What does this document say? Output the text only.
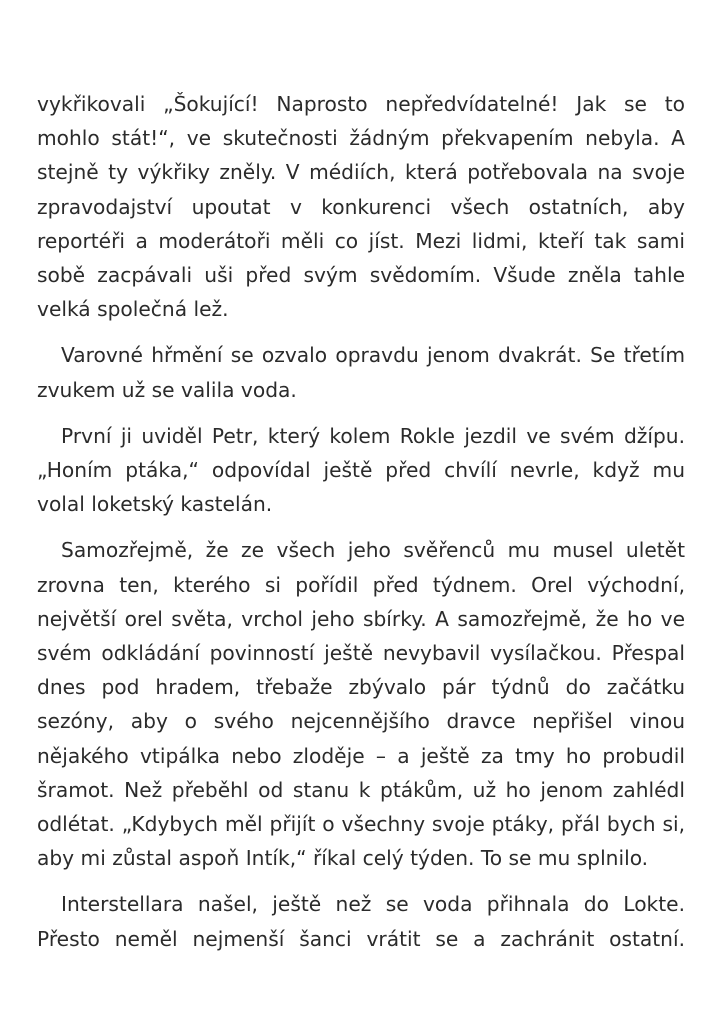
vykřikovali „Šokující! Naprosto nepředvídatelné! Jak se to mohlo stát!“, ve skutečnosti žádným překvapením nebyla. A stejně ty výkřiky zněly. V médiích, která potřebovala na svoje zpravodajství upoutat v konkurenci všech ostatních, aby reportéři a moderátoři měli co jíst. Mezi lidmi, kteří tak sami sobě zacpávali uši před svým svědomím. Všude zněla tahle velká společná lež.

Varovné hřmění se ozvalo opravdu jenom dvakrát. Se třetím zvukem už se valila voda.

První ji uviděl Petr, který kolem Rokle jezdil ve svém džípu. „Honím ptáka,“ odpovídal ještě před chvílí nevrle, když mu volal loketský kastelán.

Samozřejmě, že ze všech jeho svěřenců mu musel uletět zrovna ten, kterého si pořídil před týdnem. Orel východní, největší orel světa, vrchol jeho sbírky. A samozřejmě, že ho ve svém odkládání povinností ještě nevybavil vysílačkou. Přespal dnes pod hradem, třebaže zbývalo pár týdnů do začátku sezóny, aby o svého nejcennějšího dravce nepřišel vinou nějakého vtipálka nebo zloděje – a ještě za tmy ho probudil šramot. Než přeběhl od stanu k ptákům, už ho jenom zahlédl odlétat. „Kdybych měl přijít o všechny svoje ptáky, přál bych si, aby mi zůstal aspoň Intík,“ říkal celý týden. To se mu splnilo.

Interstellara našel, ještě než se voda přihnala do Lokte. Přesto neměl nejmenší šanci vrátit se a zachránit ostatní.
